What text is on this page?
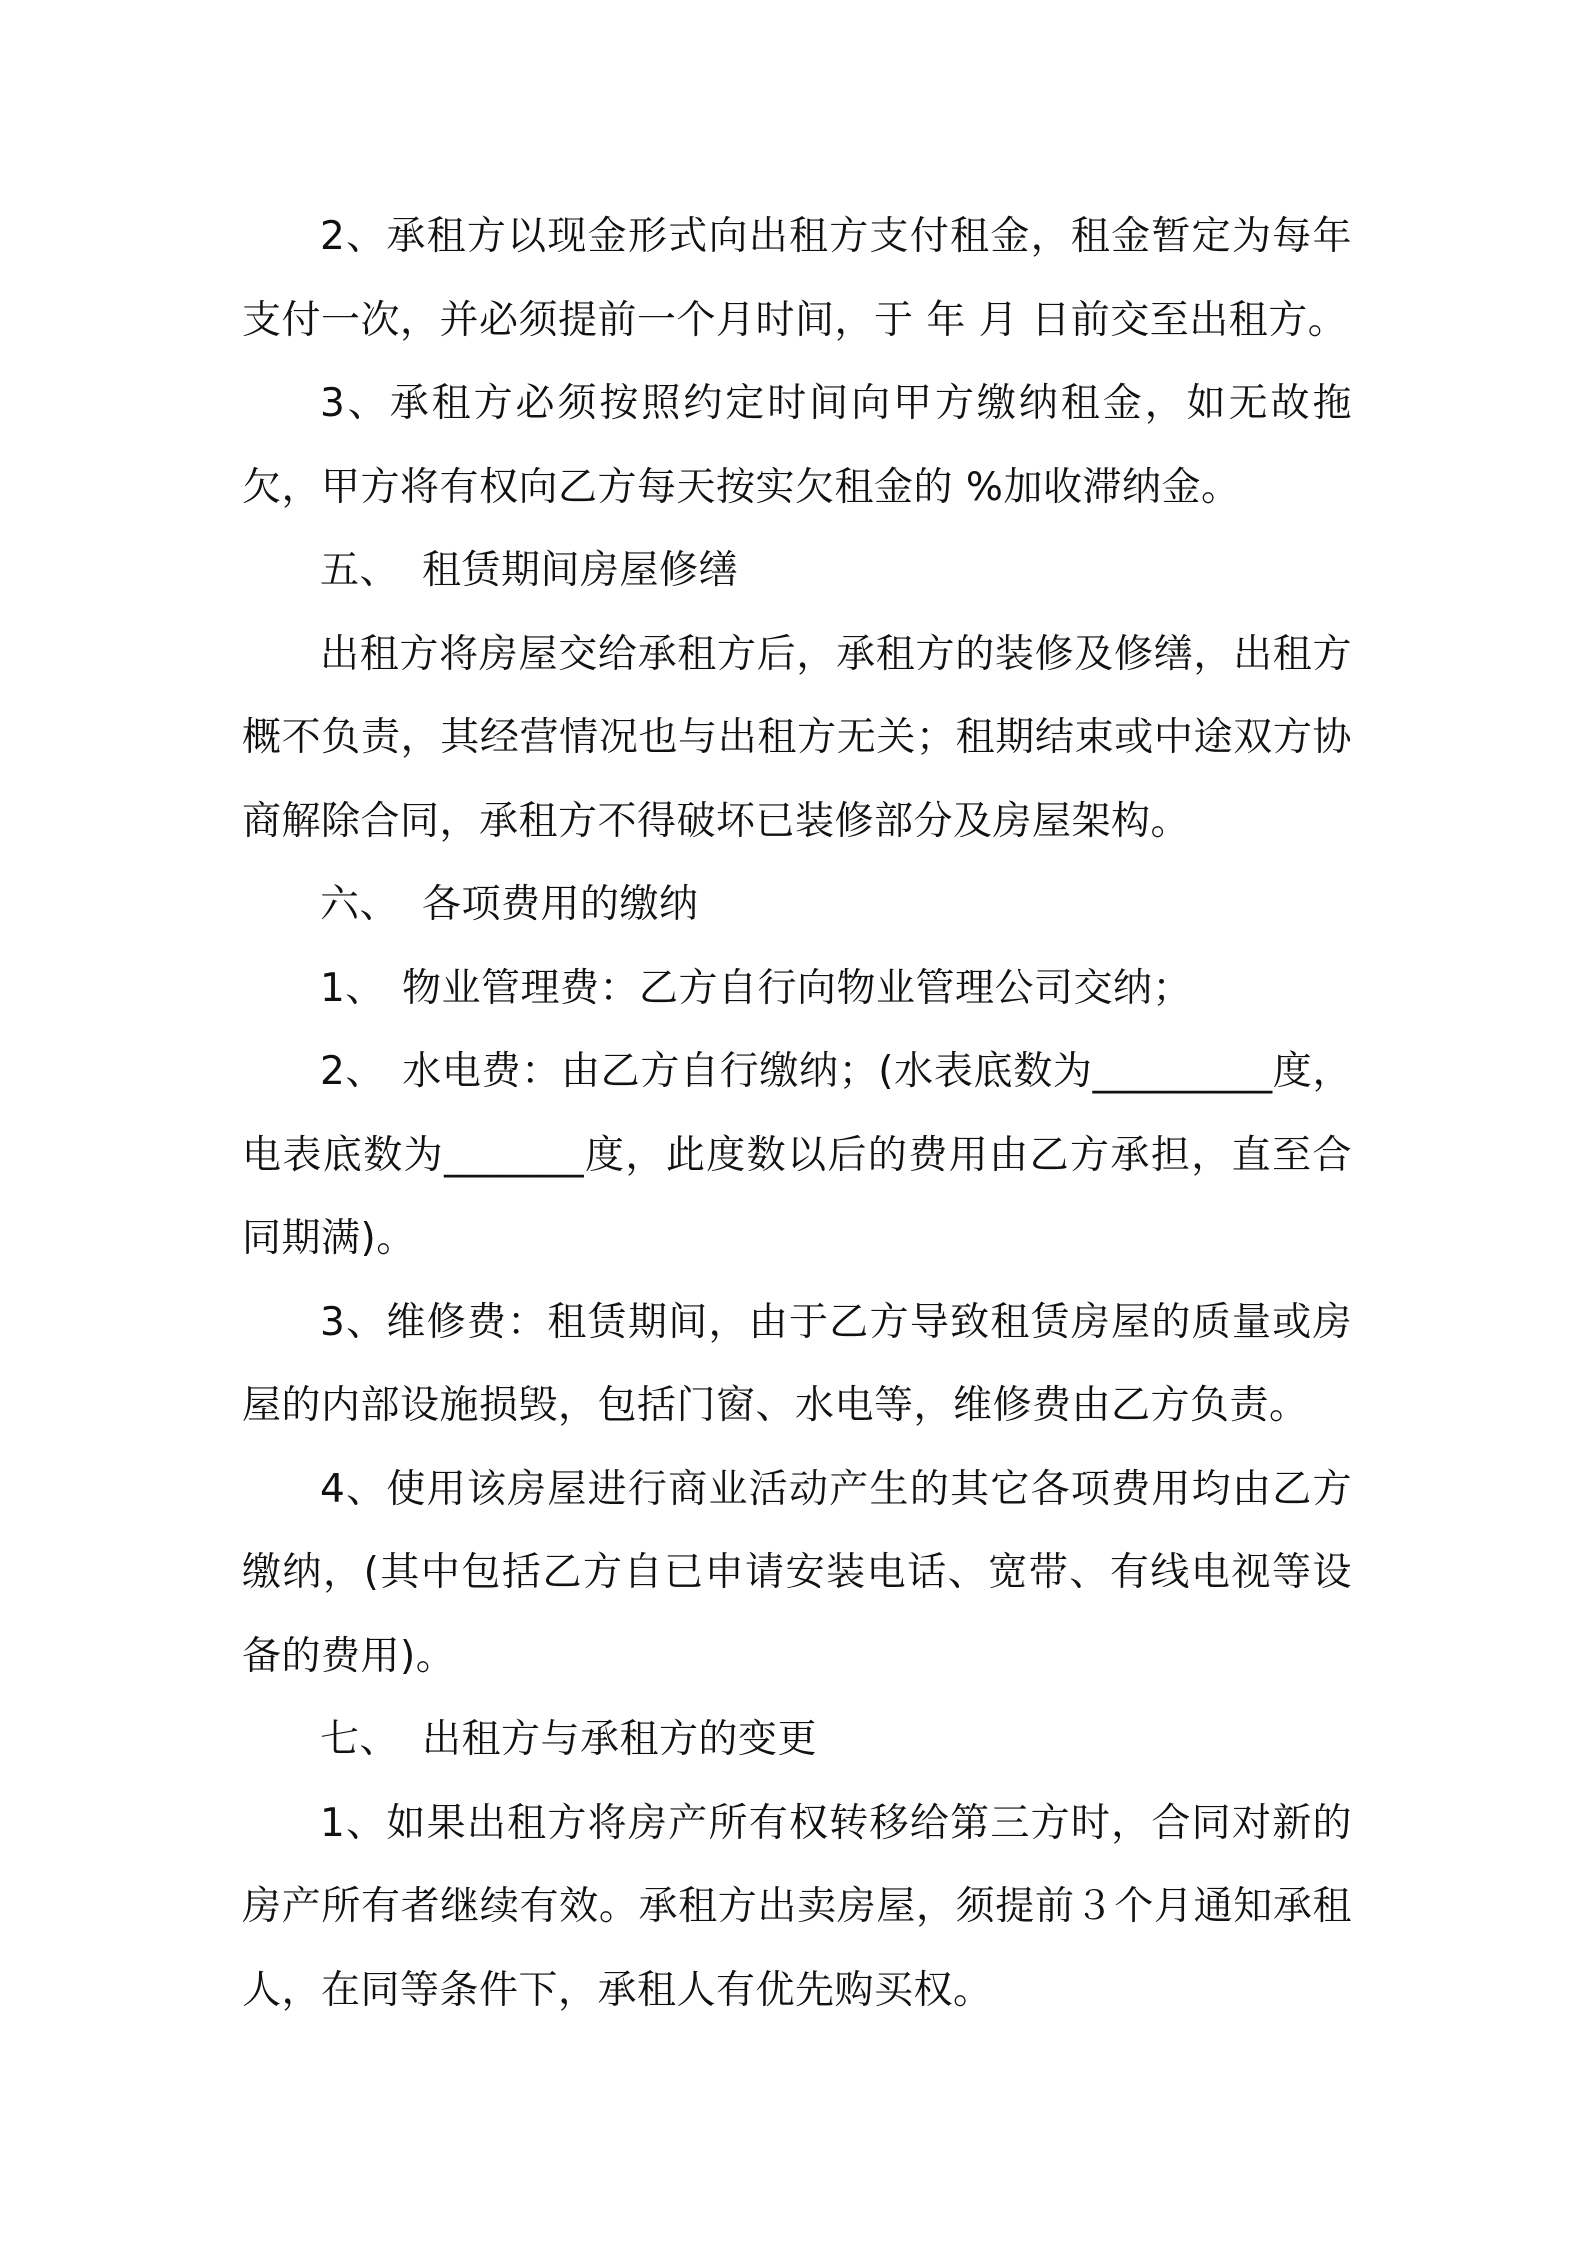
2、承租方以现金形式向出租方支付租金，租金暂定为每年支付一次，并必须提前一个月时间，于 年 月 日前交至出租方。

3、承租方必须按照约定时间向甲方缴纳租金，如无故拖欠，甲方将有权向乙方每天按实欠租金的 %加收滞纳金。

五、 租赁期间房屋修缮

出租方将房屋交给承租方后，承租方的装修及修缮，出租方概不负责，其经营情况也与出租方无关；租期结束或中途双方协商解除合同，承租方不得破坏已装修部分及房屋架构。

六、 各项费用的缴纳

1、 物业管理费：乙方自行向物业管理公司交纳；

2、 水电费：由乙方自行缴纳；(水表底数为_________度，电表底数为_______度，此度数以后的费用由乙方承担，直至合同期满)。

3、维修费：租赁期间，由于乙方导致租赁房屋的质量或房屋的内部设施损毁，包括门窗、水电等，维修费由乙方负责。

4、使用该房屋进行商业活动产生的其它各项费用均由乙方缴纳，(其中包括乙方自已申请安装电话、宽带、有线电视等设备的费用)。

七、 出租方与承租方的变更

1、如果出租方将房产所有权转移给第三方时，合同对新的房产所有者继续有效。承租方出卖房屋，须提前３个月通知承租人，在同等条件下，承租人有优先购买权。
